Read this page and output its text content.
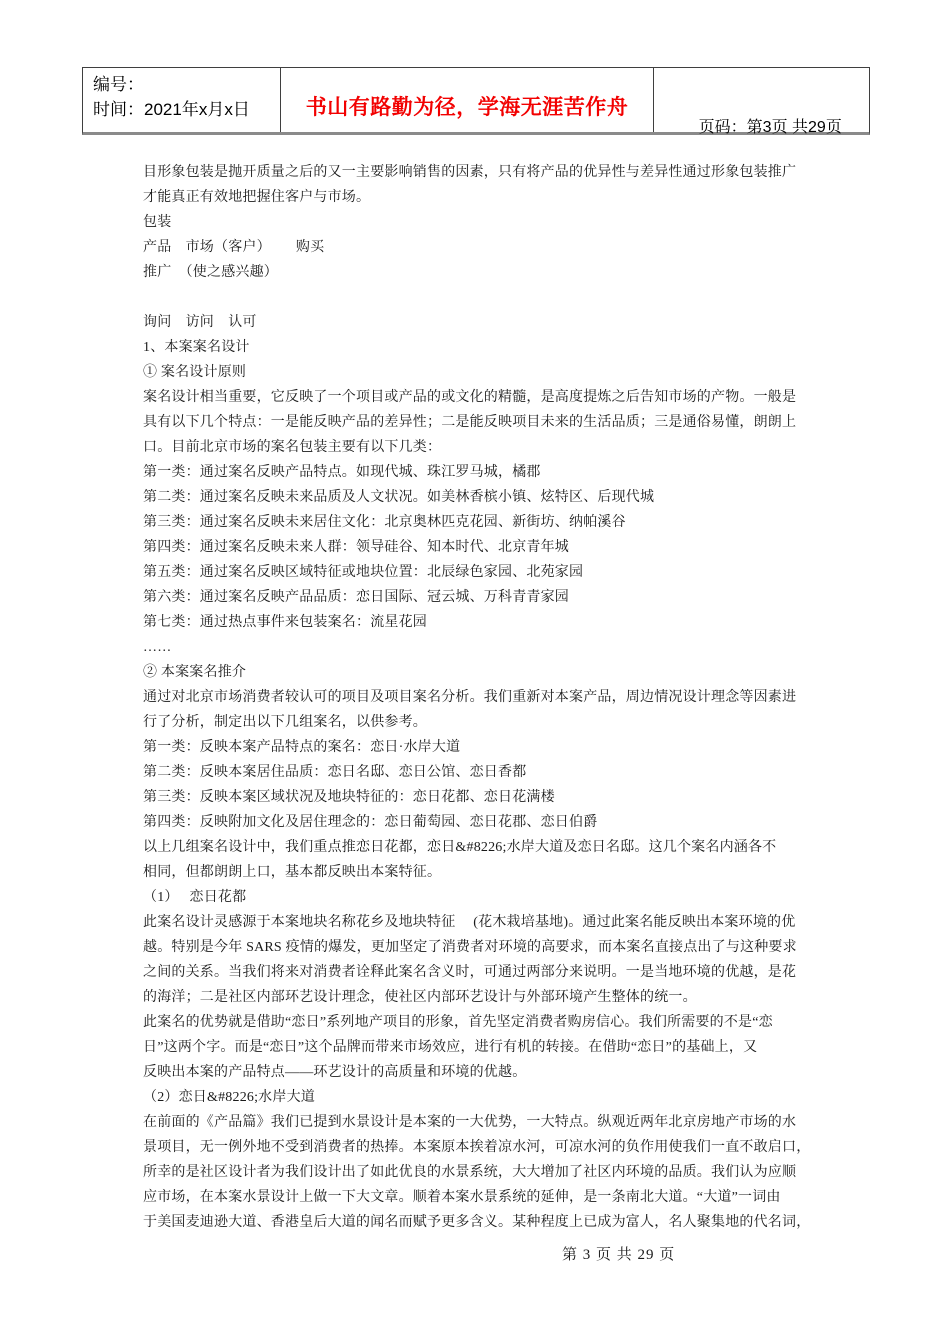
编号：
时间：2021年x月x日	书山有路勤为径，学海无涯苦作舟

页码：第3页 共29页

目形象包装是抛开质量之后的又一主要影响销售的因素，只有将产品的优异性与差异性通过形象包装推广
才能真正有效地把握住客户与市场。
包装
产品　市场（客户）　　 购买
推广　（使之感兴趣）
询问　访问　认可
1、本案案名设计
① 案名设计原则
案名设计相当重要，它反映了一个项目或产品的或文化的精髓，是高度提炼之后告知市场的产物。一般是
具有以下几个特点：一是能反映产品的差异性；二是能反映项目未来的生活品质；三是通俗易懂，朗朗上
口。目前北京市场的案名包装主要有以下几类：
第一类：通过案名反映产品特点。如现代城、珠江罗马城，橘郡
第二类：通过案名反映未来品质及人文状况。如美林香槟小镇、炫特区、后现代城
第三类：通过案名反映未来居住文化：北京奥林匹克花园、新街坊、纳帕溪谷
第四类：通过案名反映未来人群：领导硅谷、知本时代、北京青年城
第五类：通过案名反映区域特征或地块位置：北辰绿色家园、北苑家园
第六类：通过案名反映产品品质：恋日国际、冠云城、万科青青家园
第七类：通过热点事件来包装案名：流星花园
……
② 本案案名推介
通过对北京市场消费者较认可的项目及项目案名分析。我们重新对本案产品，周边情况设计理念等因素进
行了分析，制定出以下几组案名，以供参考。
第一类：反映本案产品特点的案名：恋日·水岸大道
第二类：反映本案居住品质：恋日名邸、恋日公馆、恋日香都
第三类：反映本案区域状况及地块特征的：恋日花都、恋日花满楼
第四类：反映附加文化及居住理念的：恋日葡萄园、恋日花郡、恋日伯爵
以上几组案名设计中，我们重点推恋日花都，恋日&#8226;水岸大道及恋日名邸。这几个案名内涵各不
相同，但都朗朗上口，基本都反映出本案特征。
（1）　 恋日花都
此案名设计灵感源于本案地块名称花乡及地块特征　 (花木栽培基地)。通过此案名能反映出本案环境的优
越。特别是今年 SARS 疫情的爆发，更加坚定了消费者对环境的高要求，而本案名直接点出了与这种要求
之间的关系。当我们将来对消费者诠释此案名含义时，可通过两部分来说明。一是当地环境的优越，是花
的海洋；二是社区内部环艺设计理念，使社区内部环艺设计与外部环境产生整体的统一。
此案名的优势就是借助“恋日”系列地产项目的形象，首先坚定消费者购房信心。我们所需要的不是“恋
日”这两个字。而是“恋日”这个品牌而带来市场效应，进行有机的转接。在借助“恋日”的基础上，又
反映出本案的产品特点——环艺设计的高质量和环境的优越。
（2）恋日&#8226;水岸大道
在前面的《产品篇》我们已提到水景设计是本案的一大优势，一大特点。纵观近两年北京房地产市场的水
景项目，无一例外地不受到消费者的热捧。本案原本挨着凉水河，可凉水河的负作用使我们一直不敢启口，
所幸的是社区设计者为我们设计出了如此优良的水景系统，大大增加了社区内环境的品质。我们认为应顺
应市场，在本案水景设计上做一下大文章。顺着本案水景系统的延伸，是一条南北大道。“大道”一词由
于美国麦迪逊大道、香港皇后大道的闻名而赋予更多含义。某种程度上已成为富人，名人聚集地的代名词，
第 3 页 共 29 页
